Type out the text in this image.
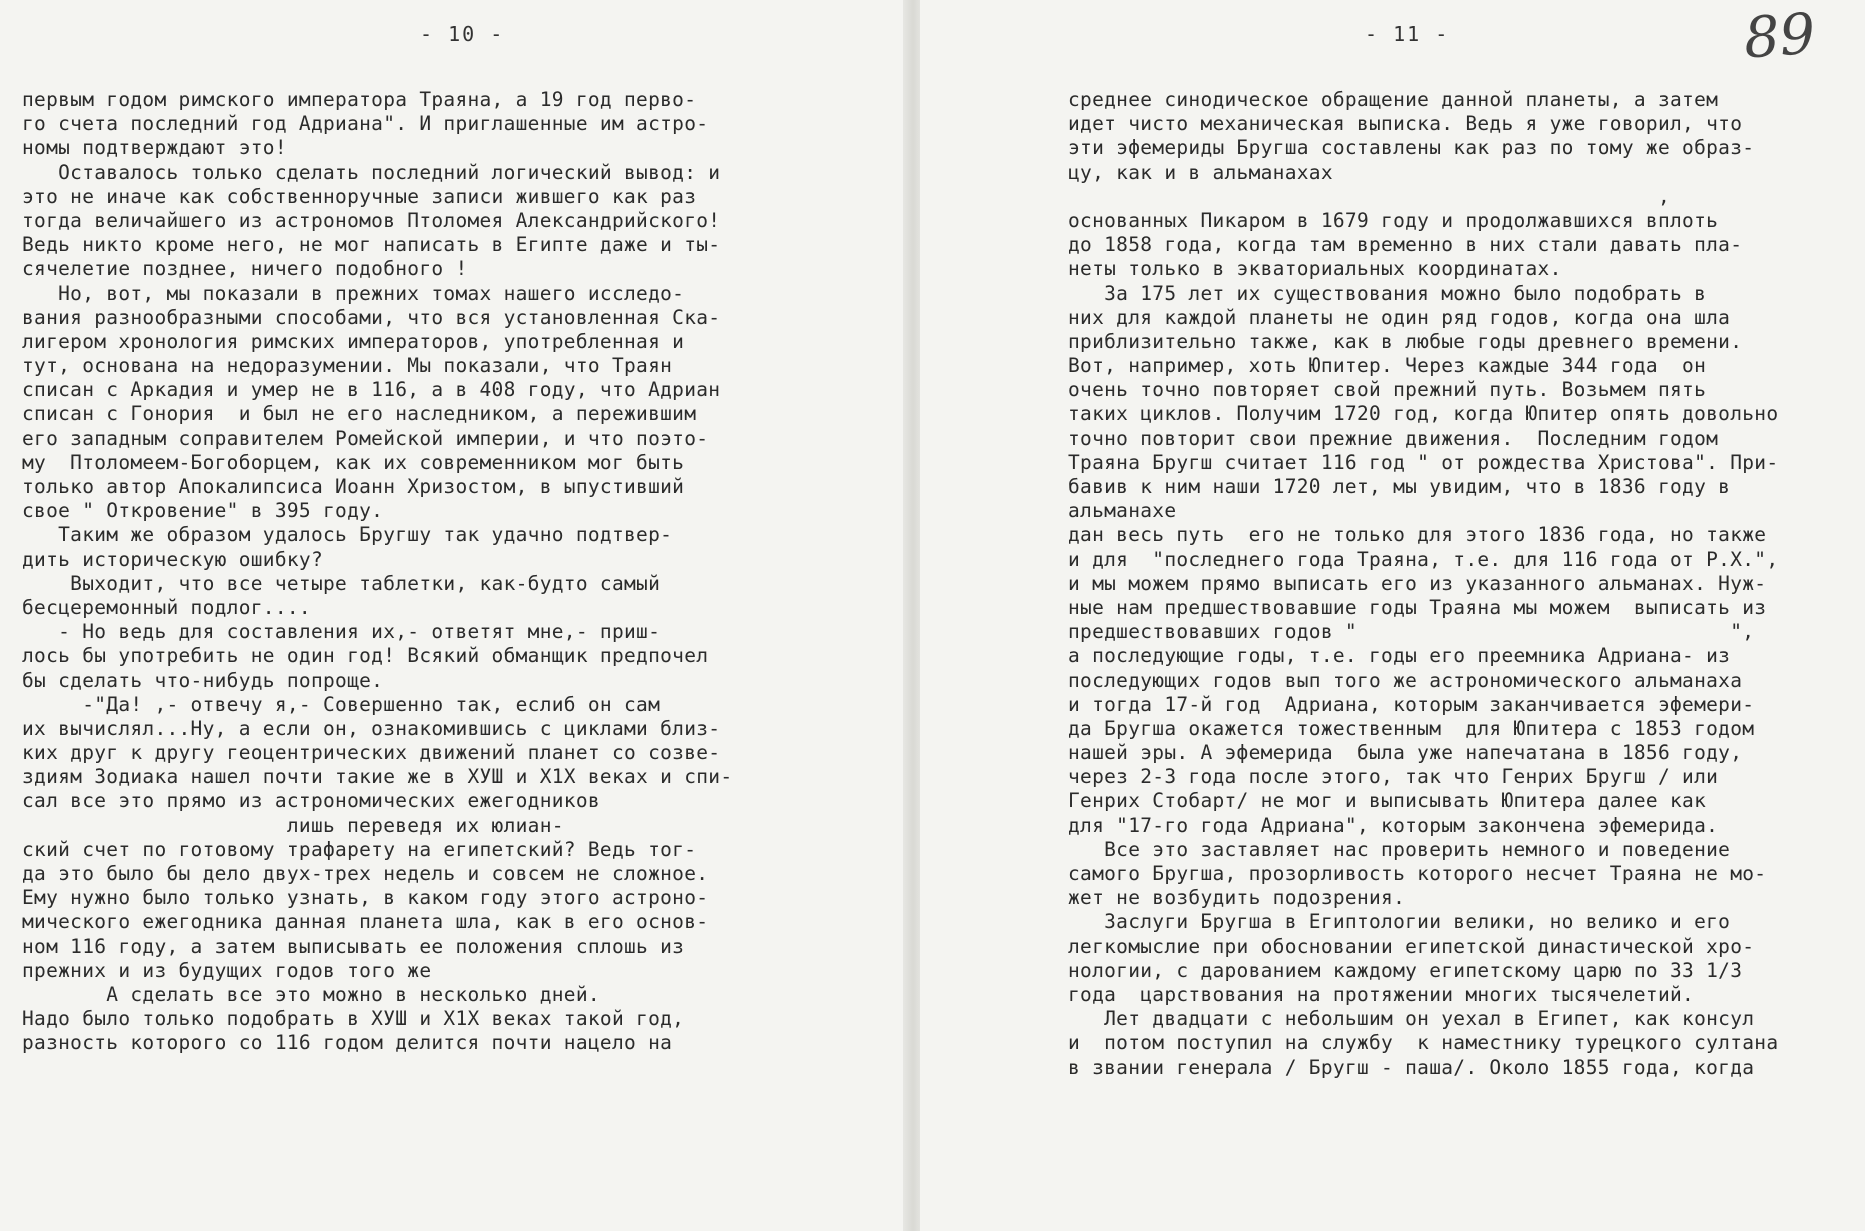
- 10 -
первым годом римского императора Траяна, а 19 год перво-
го счета последний год Адриана". И приглашенные им астро-
номы подтверждают это!
Оставалось только сделать последний логический вывод: и
это не иначе как собственноручные записи жившего как раз
тогда величайшего из астрономов Птоломея Александрийского!
Ведь никто кроме него, не мог написать в Египте даже и ты-
сячелетие позднее, ничего подобного !
Но, вот, мы показали в прежних томах нашего исследо-
вания разнообразными способами, что вся установленная Ска-
лигером хронология римских императоров, употребленная и
тут, основана на недоразумении. Мы показали, что Траян
списан с Аркадия и умер не в 116, а в 408 году, что Адриан
списан с Гонория  и был не его наследником, а пережившим
его западным соправителем Ромейской империи, и что поэто-
му  Птоломеем-Богоборцем, как их современником мог быть
только автор Апокалипсиса Иоанн Хризостом, в ыпустивший
свое " Откровение" в 395 году.
Таким же образом удалось Бругшу так удачно подтвер-
дить историческую ошибку?
Выходит, что все четыре таблетки, как-будто самый
бесцеремонный подлог....
- Но ведь для составления их,- ответят мне,- приш-
лось бы употребить не один год! Всякий обманщик предпочел
бы сделать что-нибудь попроще.
-"Да! ,- отвечу я,- Совершенно так, еслиб он сам
их вычислял...Ну, а если он, ознакомившись с циклами близ-
ких друг к другу геоцентрических движений планет со созве-
здиям Зодиака нашел почти такие же в ХУШ и Х1Х веках и спи-
сал все это прямо из астрономических ежегодников
лишь переведя их юлиан-
ский счет по готовому трафарету на египетский? Ведь тог-
да это было бы дело двух-трех недель и совсем не сложное.
Ему нужно было только узнать, в каком году этого астроно-
мического ежегодника данная планета шла, как в его основ-
ном 116 году, а затем выписывать ее положения сплошь из
прежних и из будущих годов того же
А сделать все это можно в несколько дней.
Надо было только подобрать в ХУШ и Х1Х веках такой год,
разность которого со 116 годом делится почти нацело на
- 11 -	89
среднее синодическое обращение данной планеты, а затем
идет чисто механическая выписка. Ведь я уже говорил, что
эти эфемериды Бругша составлены как раз по тому же образ-
цу, как и в альманахах
,
основанных Пикаром в 1679 году и продолжавшихся вплоть
до 1858 года, когда там временно в них стали давать пла-
неты только в экваториальных координатах.
За 175 лет их существования можно было подобрать в
них для каждой планеты не один ряд годов, когда она шла
приблизительно также, как в любые годы древнего времени.
Вот, например, хоть Юпитер. Через каждые 344 года  он
очень точно повторяет свой прежний путь. Возьмем пять
таких циклов. Получим 1720 год, когда Юпитер опять довольно
точно повторит свои прежние движения.  Последним годом
Траяна Бругш считает 116 год " от рождества Христова". При-
бавив к ним наши 1720 лет, мы увидим, что в 1836 году в
альманахе
дан весь путь  его не только для этого 1836 года, но также
и для  "последнего года Траяна, т.е. для 116 года от Р.Х.",
и мы можем прямо выписать его из указанного альманах. Нуж-
ные нам предшествовавшие годы Траяна мы можем  выписать из
предшествовавших годов "                               ",
а последующие годы, т.е. годы его преемника Адриана- из
последующих годов вып того же астрономического альманаха
и тогда 17-й год  Адриана, которым заканчивается эфемери-
да Бругша окажется тожественным  для Юпитера с 1853 годом
нашей эры. А эфемерида  была уже напечатана в 1856 году,
через 2-3 года после этого, так что Генрих Бругш / или
Генрих Стобарт/ не мог и выписывать Юпитера далее как
для "17-го года Адриана", которым закончена эфемерида.
Все это заставляет нас проверить немного и поведение
самого Бругша, прозорливость которого несчет Траяна не мо-
жет не возбудить подозрения.
Заслуги Бругша в Египтологии велики, но велико и его
легкомыслие при обосновании египетской династической хро-
нологии, с дарованием каждому египетскому царю по 33 1/3
года  царствования на протяжении многих тысячелетий.
Лет двадцати с небольшим он уехал в Египет, как консул
и  потом поступил на службу  к наместнику турецкого султана
в звании генерала / Бругш - паша/. Около 1855 года, когда
